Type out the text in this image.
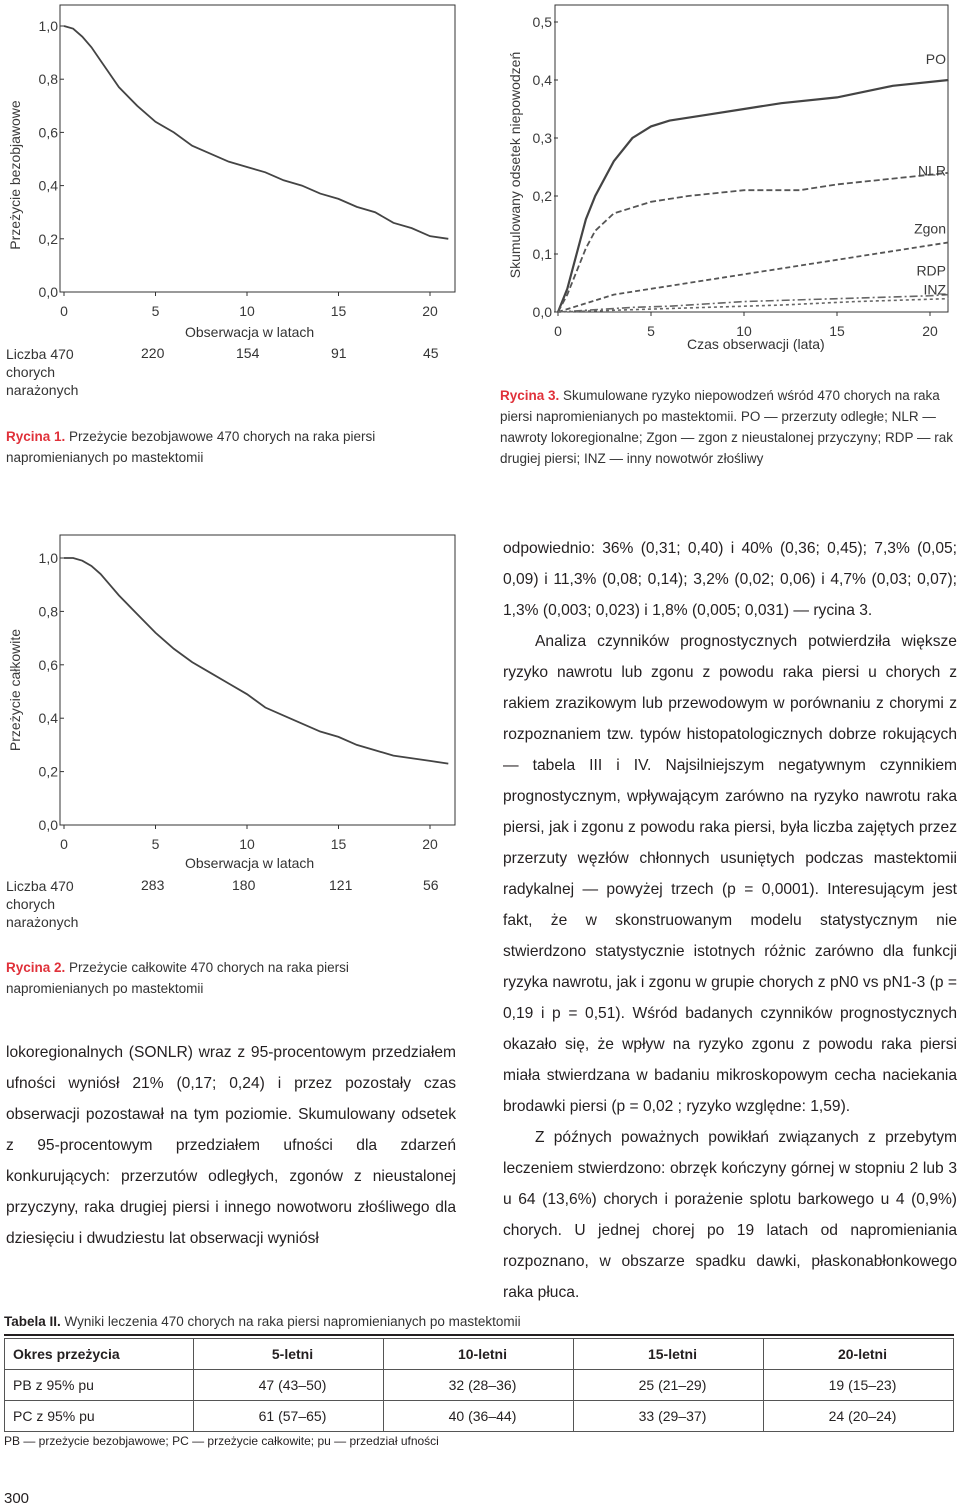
Przeżycie bezobjawowe
1,0
0,8
0,6
0,4
0,2
0,0
0	5	10	15	20
Obserwacja w latach
Liczba 470
chorych
narażonych
220	154	91	45
Rycina 1. Przeżycie bezobjawowe 470 chorych na raka piersi napromienianych po mastektomii
Skumulowany odsetek niepowodzeń
0,5
0,4
0,3
0,2
0,1
0,0
0	5	10	15	20
PO
NLR
Zgon
RDP
INZ
Czas obserwacji (lata)
Rycina 3. Skumulowane ryzyko niepowodzeń wśród 470 chorych na raka piersi napromienianych po mastektomii. PO — przerzuty odległe; NLR — nawroty lokoregionalne; Zgon — zgon z nieustalonej przyczyny; RDP — rak drugiej piersi; INZ — inny nowotwór złośliwy
Przeżycie całkowite
1,0
0,8
0,6
0,4
0,2
0,0
0	5	10	15	20
Obserwacja w latach
Liczba 470
chorych
narażonych
283	180	121	56
Rycina 2. Przeżycie całkowite 470 chorych na raka piersi napromienianych po mastektomii

odpowiednio: 36% (0,31; 0,40) i 40% (0,36; 0,45); 7,3% (0,05; 0,09) i 11,3% (0,08; 0,14); 3,2% (0,02; 0,06) i 4,7% (0,03; 0,07); 1,3% (0,003; 0,023) i 1,8% (0,005; 0,031) — rycina 3.

Analiza czynników prognostycznych potwierdziła większe ryzyko nawrotu lub zgonu z powodu raka piersi u chorych z rakiem zrazikowym lub przewodowym w porównaniu z chorymi z rozpoznaniem tzw. typów histopatologicznych dobrze rokujących — tabela III i IV. Najsilniejszym negatywnym czynnikiem prognostycznym, wpływającym zarówno na ryzyko nawrotu raka piersi, jak i zgonu z powodu raka piersi, była liczba zajętych przez przerzuty węzłów chłonnych usuniętych podczas mastektomii radykalnej — powyżej trzech (p = 0,0001). Interesującym jest fakt, że w skonstruowanym modelu statystycznym nie stwierdzono statystycznie istotnych różnic zarówno dla funkcji ryzyka nawrotu, jak i zgonu w grupie chorych z pN0 vs pN1-3 (p = 0,19 i p = 0,51). Wśród badanych czynników prognostycznych okazało się, że wpływ na ryzyko zgonu z powodu raka piersi miała stwierdzana w badaniu mikroskopowym cecha naciekania brodawki piersi (p = 0,02 ; ryzyko względne: 1,59).

Z późnych poważnych powikłań związanych z przebytym leczeniem stwierdzono: obrzęk kończyny górnej w stopniu 2 lub 3 u 64 (13,6%) chorych i porażenie splotu barkowego u 4 (0,9%) chorych. U jednej chorej po 19 latach od napromieniania rozpoznano, w obszarze spadku dawki, płaskonabłonkowego raka płuca.

lokoregionalnych (SONLR) wraz z 95-procentowym przedziałem ufności wyniósł 21% (0,17; 0,24) i przez pozostały czas obserwacji pozostawał na tym poziomie. Skumulowany odsetek z 95-procentowym przedziałem ufności dla zdarzeń konkurujących: przerzutów odległych, zgonów z nieustalonej przyczyny, raka drugiej piersi i innego nowotworu złośliwego dla dziesięciu i dwudziestu lat obserwacji wyniósł

Tabela II. Wyniki leczenia 470 chorych na raka piersi napromienianych po mastektomii
Okres przeżycia	5-letni	10-letni	15-letni	20-letni
PB z 95% pu	47 (43–50)	32 (28–36)	25 (21–29)	19 (15–23)
PC z 95% pu	61 (57–65)	40 (36–44)	33 (29–37)	24 (20–24)
PB — przeżycie bezobjawowe; PC — przeżycie całkowite; pu — przedział ufności
300
